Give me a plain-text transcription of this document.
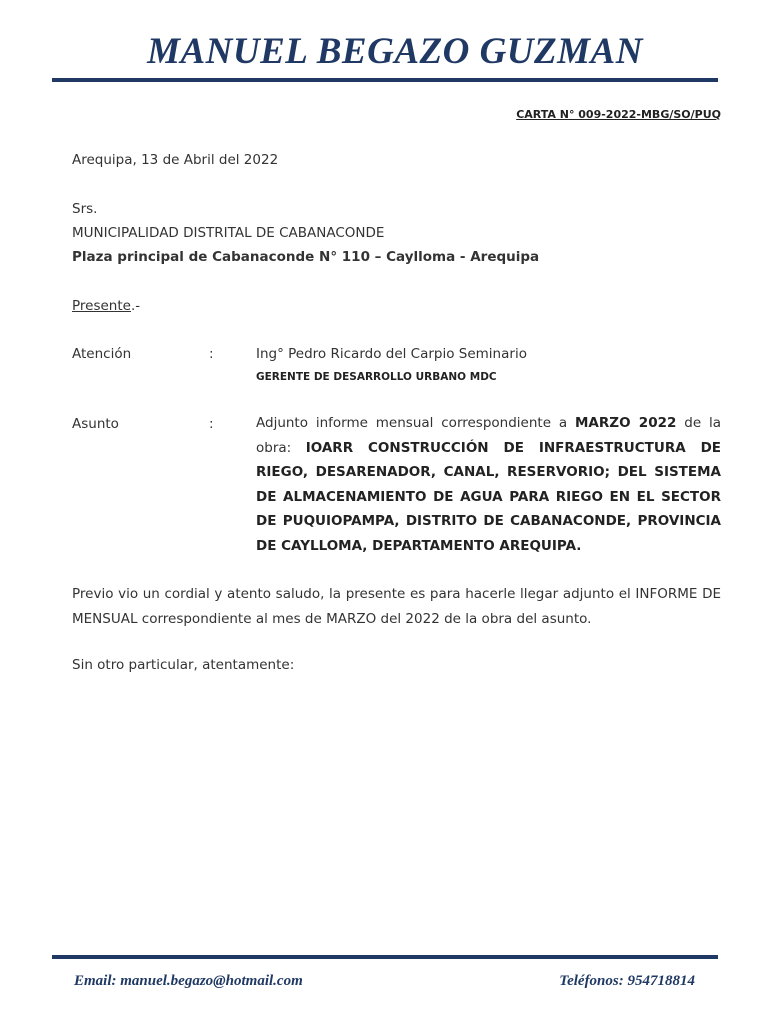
MANUEL BEGAZO GUZMAN
CARTA N° 009-2022-MBG/SO/PUQ
Arequipa, 13 de Abril del 2022
Srs.
MUNICIPALIDAD DISTRITAL DE CABANACONDE
Plaza principal de Cabanaconde N° 110 – Caylloma - Arequipa
Presente.-
Atención	:	Ing° Pedro Ricardo del Carpio Seminario
GERENTE DE DESARROLLO URBANO MDC
Asunto	:	Adjunto informe mensual correspondiente a MARZO 2022 de la obra: IOARR CONSTRUCCIÓN DE INFRAESTRUCTURA DE RIEGO, DESARENADOR, CANAL, RESERVORIO; DEL SISTEMA DE ALMACENAMIENTO DE AGUA PARA RIEGO EN EL SECTOR DE PUQUIOPAMPA, DISTRITO DE CABANACONDE, PROVINCIA DE CAYLLOMA, DEPARTAMENTO AREQUIPA.
Previo vio un cordial y atento saludo, la presente es para hacerle llegar adjunto el INFORME DE MENSUAL correspondiente al mes de MARZO del 2022 de la obra del asunto.
Sin otro particular, atentamente:
Email: manuel.begazo@hotmail.com	Teléfonos: 954718814
